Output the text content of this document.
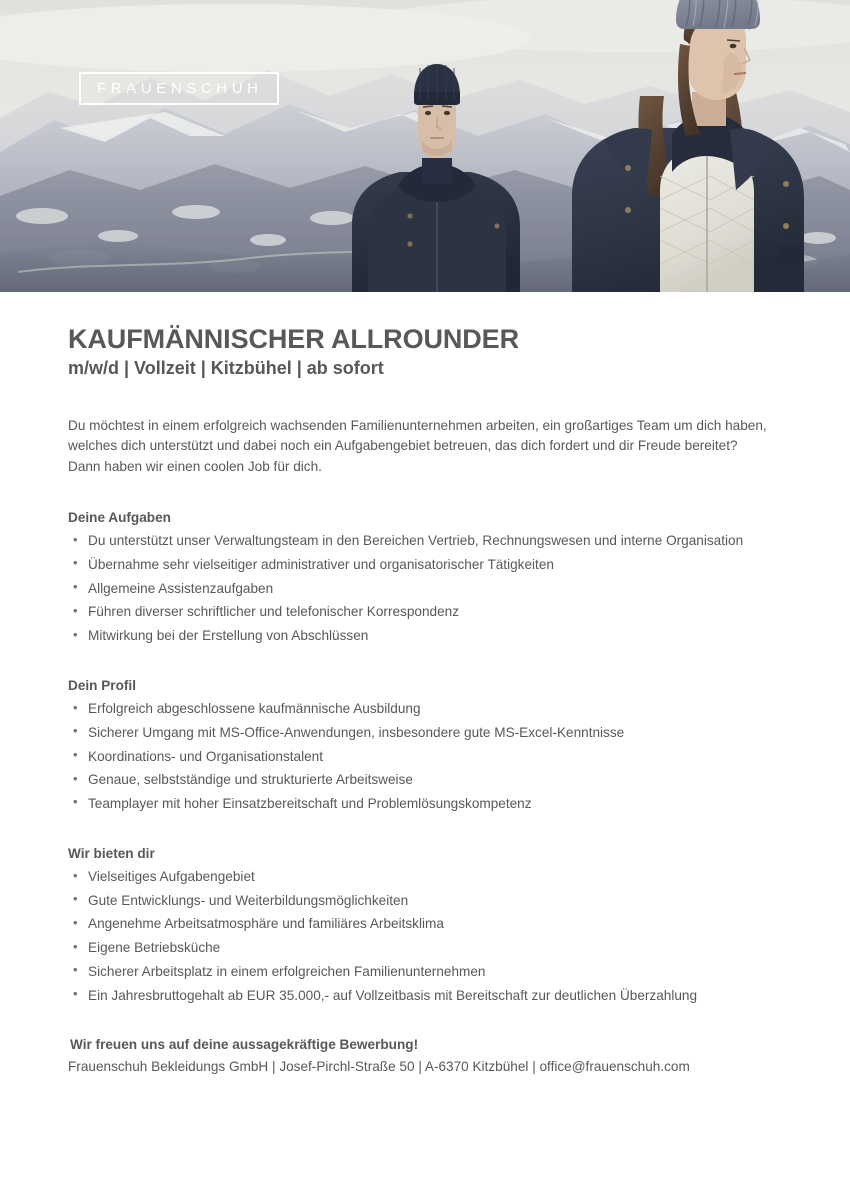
FRAUENSCHUH
KAUFMÄNNISCHER ALLROUNDER
m/w/d | Vollzeit | Kitzbühel | ab sofort

Du möchtest in einem erfolgreich wachsenden Familienunternehmen arbeiten, ein großartiges Team um dich haben, welches dich unterstützt und dabei noch ein Aufgabengebiet betreuen, das dich fordert und dir Freude bereitet?

Dann haben wir einen coolen Job für dich.

Deine Aufgaben
• Du unterstützt unser Verwaltungsteam in den Bereichen Vertrieb, Rechnungswesen und interne Organisation
• Übernahme sehr vielseitiger administrativer und organisatorischer Tätigkeiten
• Allgemeine Assistenzaufgaben
• Führen diverser schriftlicher und telefonischer Korrespondenz
• Mitwirkung bei der Erstellung von Abschlüssen
Dein Profil
• Erfolgreich abgeschlossene kaufmännische Ausbildung
• Sicherer Umgang mit MS-Office-Anwendungen, insbesondere gute MS-Excel-Kenntnisse
• Koordinations- und Organisationstalent
• Genaue, selbstständige und strukturierte Arbeitsweise
• Teamplayer mit hoher Einsatzbereitschaft und Problemlösungskompetenz
Wir bieten dir
• Vielseitiges Aufgabengebiet
• Gute Entwicklungs- und Weiterbildungsmöglichkeiten
• Angenehme Arbeitsatmosphäre und familiäres Arbeitsklima
• Eigene Betriebsküche
• Sicherer Arbeitsplatz in einem erfolgreichen Familienunternehmen
• Ein Jahresbruttogehalt ab EUR 35.000,- auf Vollzeitbasis mit Bereitschaft zur deutlichen Überzahlung

Wir freuen uns auf deine aussagekräftige Bewerbung!

Frauenschuh Bekleidungs GmbH | Josef-Pirchl-Straße 50 | A-6370 Kitzbühel | office@frauenschuh.com
